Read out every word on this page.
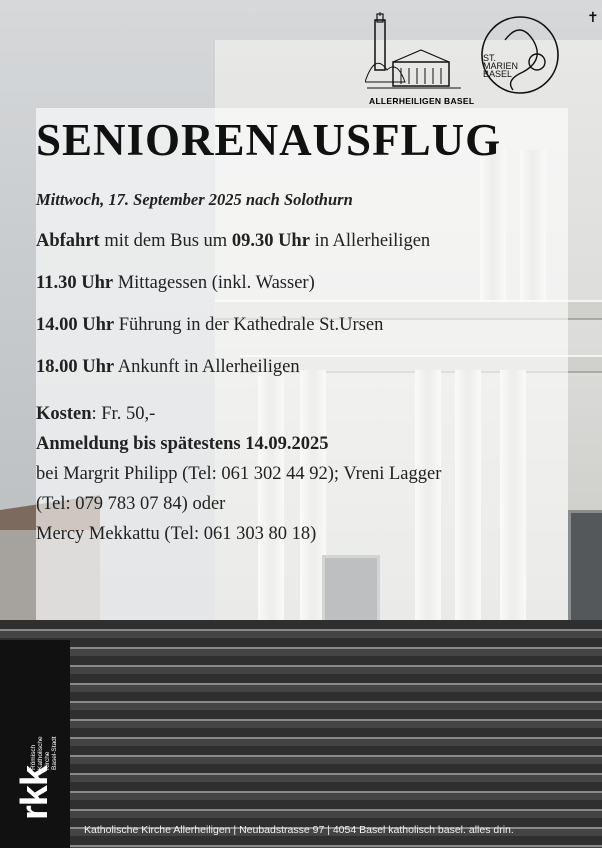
ALLERHEILIGEN BASEL
ST.
MARIEN
BASEL
✝
SENIORENAUSFLUG

Mittwoch, 17. September 2025 nach Solothurn

Abfahrt mit dem Bus um 09.30 Uhr in Allerheiligen

11.30 Uhr Mittagessen (inkl. Wasser)

14.00 Uhr Führung in der Kathedrale St.Ursen

18.00 Uhr Ankunft in Allerheiligen

Kosten: Fr. 50,-

Anmeldung bis spätestens 14.09.2025

bei Margrit Philipp (Tel: 061 302 44 92); Vreni Lagger

(Tel: 079 783 07 84) oder

Mercy Mekkattu (Tel: 061 303 80 18)

rkk
Römisch
Katholische
Kirche
Basel-Stadt
Katholische Kirche Allerheiligen | Neubadstrasse 97 | 4054 Basel katholisch basel. alles drin.
